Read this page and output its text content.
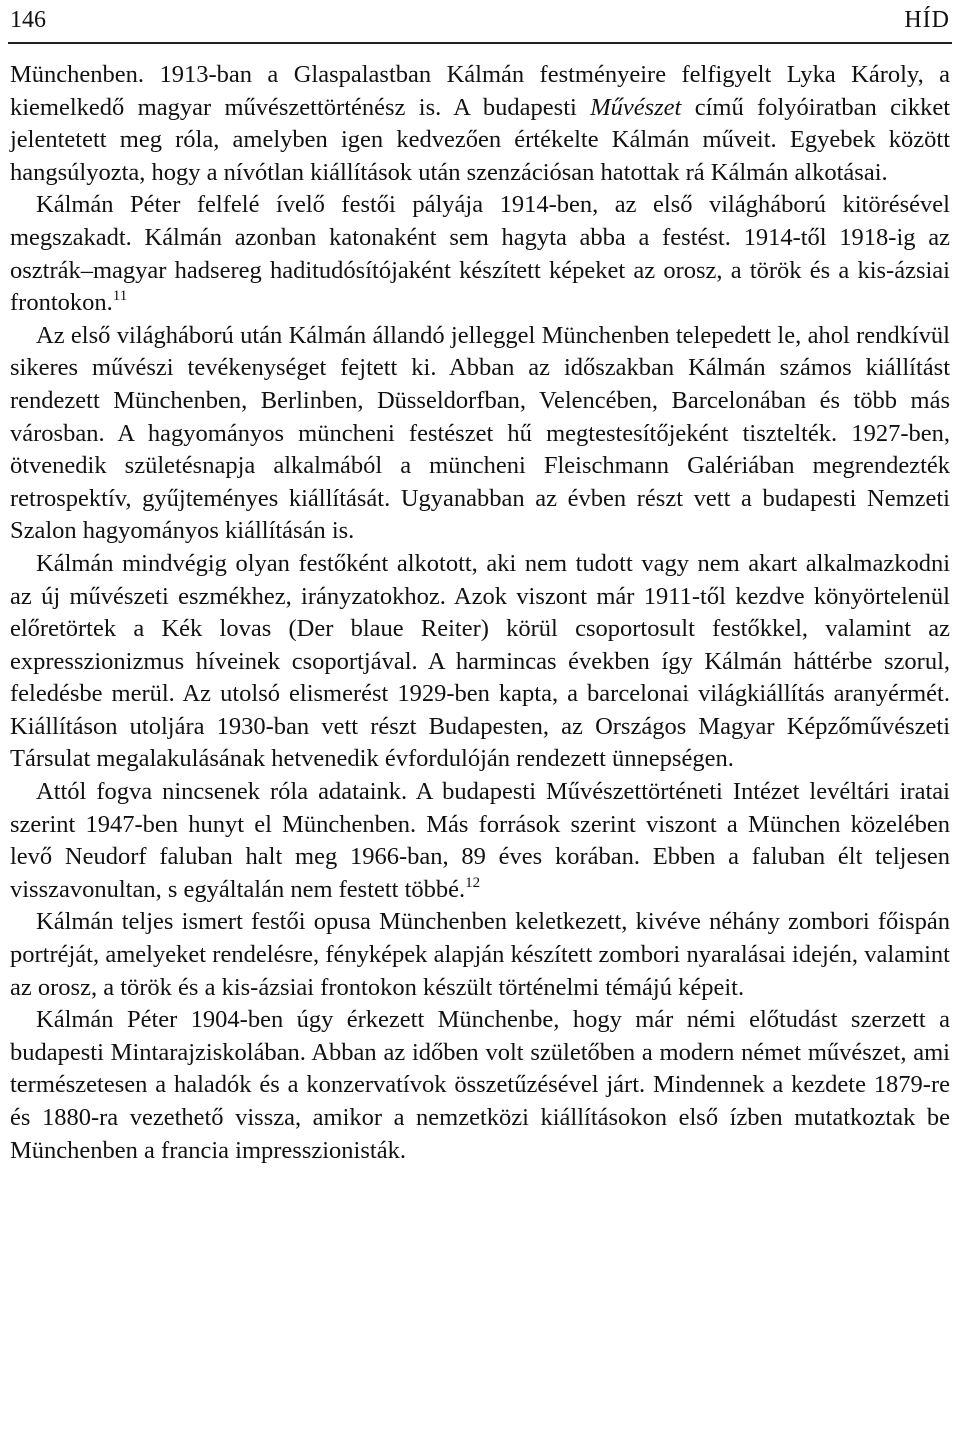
146	HÍD

Münchenben. 1913-ban a Glaspalastban Kálmán festményeire felfigyelt Lyka Károly, a kiemelkedő magyar művészettörténész is. A budapesti Művészet című folyóiratban cikket jelentetett meg róla, amelyben igen kedvezően értékelte Kálmán műveit. Egyebek között hangsúlyozta, hogy a nívótlan kiállítások után szenzációsan hatottak rá Kálmán alkotásai.

Kálmán Péter felfelé ívelő festői pályája 1914-ben, az első világháború kitörésével megszakadt. Kálmán azonban katonaként sem hagyta abba a festést. 1914-től 1918-ig az osztrák–magyar hadsereg haditudósítójaként készített képeket az orosz, a török és a kis-ázsiai frontokon.$^{11}$

Az első világháború után Kálmán állandó jelleggel Münchenben telepedett le, ahol rendkívül sikeres művészi tevékenységet fejtett ki. Abban az időszakban Kálmán számos kiállítást rendezett Münchenben, Berlinben, Düsseldorfban, Velencében, Barcelonában és több más városban. A hagyományos müncheni festészet hű megtestesítőjeként tisztelték. 1927-ben, ötvenedik születésnapja alkalmából a müncheni Fleischmann Galériában megrendezték retrospektív, gyűjteményes kiállítását. Ugyanabban az évben részt vett a budapesti Nemzeti Szalon hagyományos kiállításán is.

Kálmán mindvégig olyan festőként alkotott, aki nem tudott vagy nem akart alkalmazkodni az új művészeti eszmékhez, irányzatokhoz. Azok viszont már 1911-től kezdve könyörtelenül előretörtek a Kék lovas (Der blaue Reiter) körül csoportosult festőkkel, valamint az expresszionizmus híveinek csoportjával. A harmincas években így Kálmán háttérbe szorul, feledésbe merül. Az utolsó elismerést 1929-ben kapta, a barcelonai világkiállítás aranyérmét. Kiállításon utoljára 1930-ban vett részt Budapesten, az Országos Magyar Képzőművészeti Társulat megalakulásának hetvenedik évfordulóján rendezett ünnepségen.

Attól fogva nincsenek róla adataink. A budapesti Művészettörténeti Intézet levéltári iratai szerint 1947-ben hunyt el Münchenben. Más források szerint viszont a München közelében levő Neudorf faluban halt meg 1966-ban, 89 éves korában. Ebben a faluban élt teljesen visszavonultan, s egyáltalán nem festett többé.$^{12}$

Kálmán teljes ismert festői opusa Münchenben keletkezett, kivéve néhány zombori főispán portréját, amelyeket rendelésre, fényképek alapján készített zombori nyaralásai idején, valamint az orosz, a török és a kis-ázsiai frontokon készült történelmi témájú képeit.

Kálmán Péter 1904-ben úgy érkezett Münchenbe, hogy már némi előtudást szerzett a budapesti Mintarajziskolában. Abban az időben volt születőben a modern német művészet, ami természetesen a haladók és a konzervatívok összetűzésével járt. Mindennek a kezdete 1879-re és 1880-ra vezethető vissza, amikor a nemzetközi kiállításokon első ízben mutatkoztak be Münchenben a francia impresszionisták.
